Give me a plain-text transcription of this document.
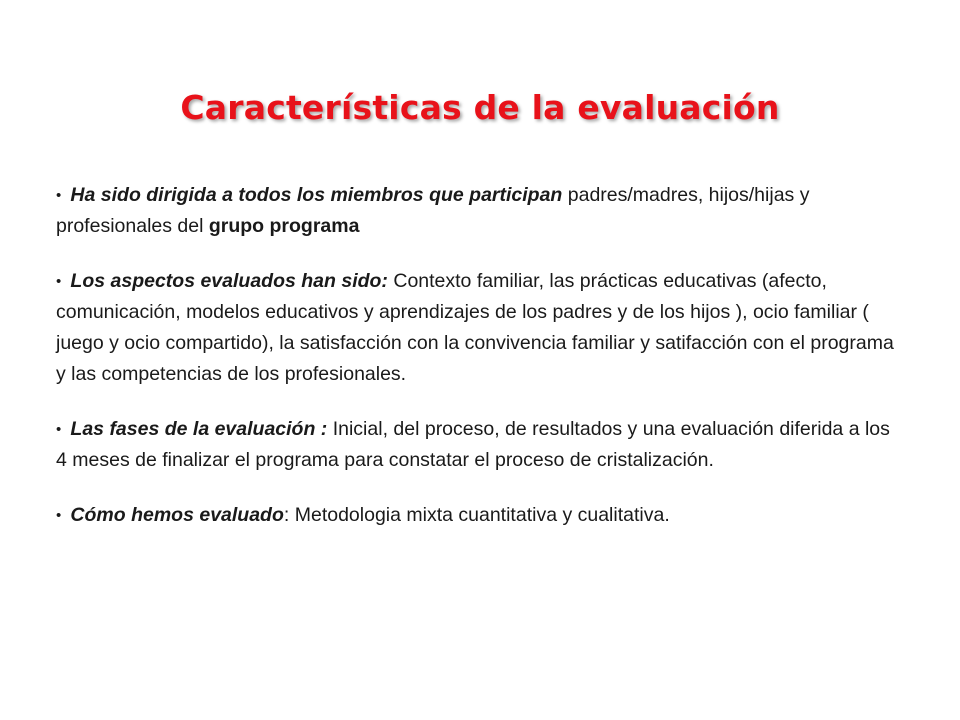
Características de la evaluación
• Ha sido dirigida a todos los miembros que participan padres/madres, hijos/hijas y profesionales del grupo programa
• Los aspectos evaluados han sido: Contexto familiar, las prácticas educativas (afecto, comunicación, modelos educativos y aprendizajes de los padres y de los hijos ), ocio familiar ( juego y ocio compartido), la satisfacción con la convivencia familiar y satifacción con el programa y las competencias de los profesionales.
• Las fases de la evaluación : Inicial, del proceso, de resultados y una evaluación diferida a los 4 meses de finalizar el programa para constatar el proceso de cristalización.
• Cómo hemos evaluado: Metodologia mixta cuantitativa y cualitativa.
